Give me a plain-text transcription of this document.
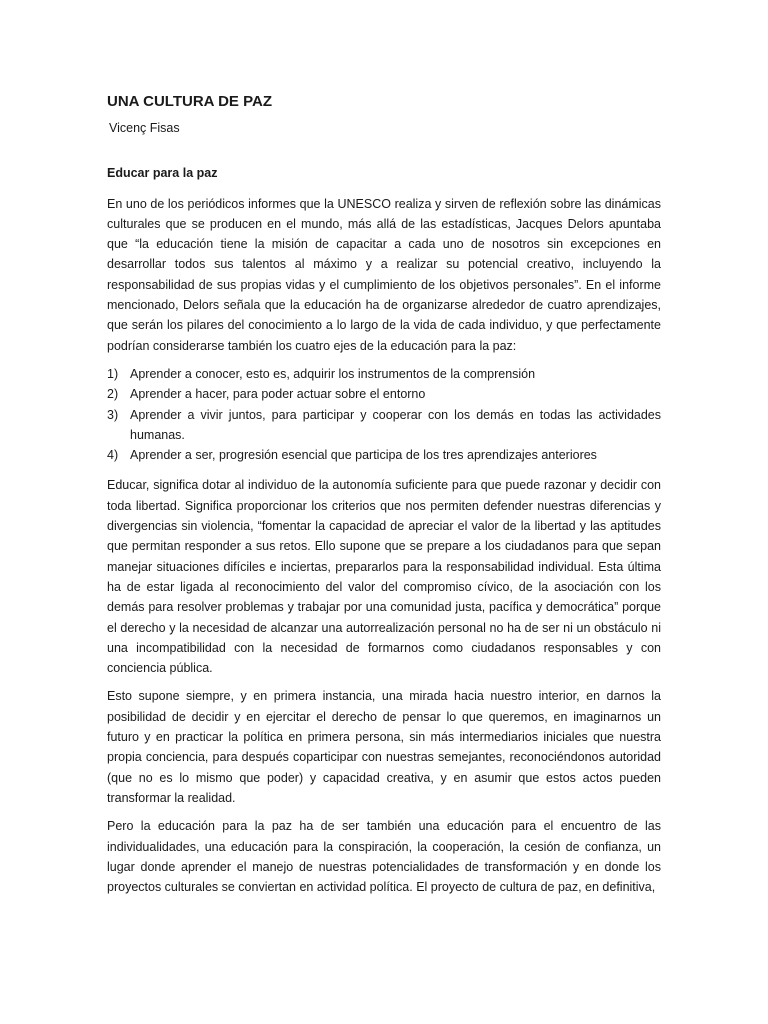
UNA CULTURA DE PAZ
Vicenç Fisas
Educar para la paz

En uno de los periódicos informes que la UNESCO realiza y sirven de reflexión sobre las dinámicas culturales que se producen en el mundo, más allá de las estadísticas, Jacques Delors apuntaba que “la educación tiene la misión de capacitar a cada uno de nosotros sin excepciones en desarrollar todos sus talentos al máximo y a realizar su potencial creativo, incluyendo la responsabilidad de sus propias vidas y el cumplimiento de los objetivos personales”. En el informe mencionado, Delors señala que la educación ha de organizarse alrededor de cuatro aprendizajes, que serán los pilares del conocimiento a lo largo de la vida de cada individuo, y que perfectamente podrían considerarse también los cuatro ejes de la educación para la paz:

1) Aprender a conocer, esto es, adquirir los instrumentos de la comprensión
2) Aprender a hacer, para poder actuar sobre el entorno
3) Aprender a vivir juntos, para participar y cooperar con los demás en todas las actividades humanas.
4) Aprender a ser, progresión esencial que participa de los tres aprendizajes anteriores

Educar, significa dotar al individuo de la autonomía suficiente para que puede razonar y decidir con toda libertad. Significa proporcionar los criterios que nos permiten defender nuestras diferencias y divergencias sin violencia, “fomentar la capacidad de apreciar el valor de la libertad y las aptitudes que permitan responder a sus retos. Ello supone que se prepare a los ciudadanos para que sepan manejar situaciones difíciles e inciertas, prepararlos para la responsabilidad individual. Esta última ha de estar ligada al reconocimiento del valor del compromiso cívico, de la asociación con los demás para resolver problemas y trabajar por una comunidad justa, pacífica y democrática” porque el derecho y la necesidad de alcanzar una autorrealización personal no ha de ser ni un obstáculo ni una incompatibilidad con la necesidad de formarnos como ciudadanos responsables y con conciencia pública.

Esto supone siempre, y en primera instancia, una mirada hacia nuestro interior, en darnos la posibilidad de decidir y en ejercitar el derecho de pensar lo que queremos, en imaginarnos un futuro y en practicar la política en primera persona, sin más intermediarios iniciales que nuestra propia conciencia, para después coparticipar con nuestras semejantes, reconociéndonos autoridad (que no es lo mismo que poder) y capacidad creativa, y en asumir que estos actos pueden transformar la realidad.

Pero la educación para la paz ha de ser también una educación para el encuentro de las individualidades, una educación para la conspiración, la cooperación, la cesión de confianza, un lugar donde aprender el manejo de nuestras potencialidades de transformación y en donde los proyectos culturales se conviertan en actividad política. El proyecto de cultura de paz, en definitiva,
